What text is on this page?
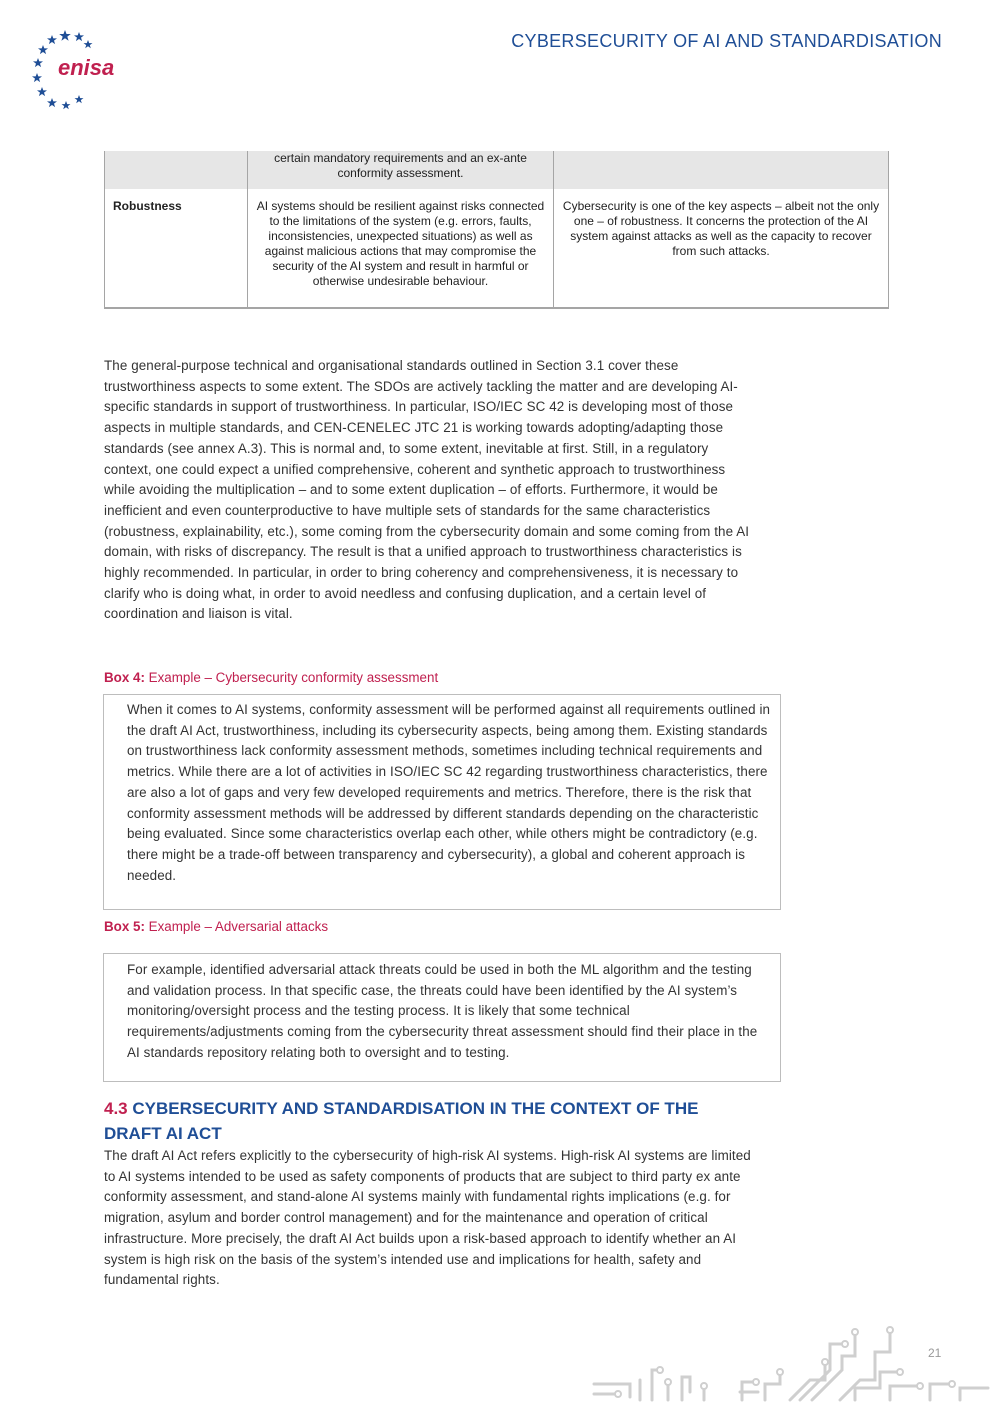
enisa
CYBERSECURITY OF AI AND STANDARDISATION
	certain mandatory requirements and an ex-ante conformity assessment.	
Robustness	AI systems should be resilient against risks connected to the limitations of the system (e.g. errors, faults, inconsistencies, unexpected situations) as well as against malicious actions that may compromise the security of the AI system and result in harmful or otherwise undesirable behaviour.	Cybersecurity is one of the key aspects – albeit not the only one – of robustness. It concerns the protection of the AI system against attacks as well as the capacity to recover from such attacks.

The general-purpose technical and organisational standards outlined in Section 3.1 cover these trustworthiness aspects to some extent. The SDOs are actively tackling the matter and are developing AI-specific standards in support of trustworthiness. In particular, ISO/IEC SC 42 is developing most of those aspects in multiple standards, and CEN-CENELEC JTC 21 is working towards adopting/adapting those standards (see annex A.3). This is normal and, to some extent, inevitable at first. Still, in a regulatory context, one could expect a unified comprehensive, coherent and synthetic approach to trustworthiness while avoiding the multiplication – and to some extent duplication – of efforts. Furthermore, it would be inefficient and even counterproductive to have multiple sets of standards for the same characteristics (robustness, explainability, etc.), some coming from the cybersecurity domain and some coming from the AI domain, with risks of discrepancy. The result is that a unified approach to trustworthiness characteristics is highly recommended. In particular, in order to bring coherency and comprehensiveness, it is necessary to clarify who is doing what, in order to avoid needless and confusing duplication, and a certain level of coordination and liaison is vital.

Box 4: Example – Cybersecurity conformity assessment

When it comes to AI systems, conformity assessment will be performed against all requirements outlined in the draft AI Act, trustworthiness, including its cybersecurity aspects, being among them. Existing standards on trustworthiness lack conformity assessment methods, sometimes including technical requirements and metrics. While there are a lot of activities in ISO/IEC SC 42 regarding trustworthiness characteristics, there are also a lot of gaps and very few developed requirements and metrics. Therefore, there is the risk that conformity assessment methods will be addressed by different standards depending on the characteristic being evaluated. Since some characteristics overlap each other, while others might be contradictory (e.g. there might be a trade-off between transparency and cybersecurity), a global and coherent approach is needed.

Box 5: Example – Adversarial attacks

For example, identified adversarial attack threats could be used in both the ML algorithm and the testing and validation process. In that specific case, the threats could have been identified by the AI system’s monitoring/oversight process and the testing process. It is likely that some technical requirements/adjustments coming from the cybersecurity threat assessment should find their place in the AI standards repository relating both to oversight and to testing.

4.3 CYBERSECURITY AND STANDARDISATION IN THE CONTEXT OF THE DRAFT AI ACT

The draft AI Act refers explicitly to the cybersecurity of high-risk AI systems. High-risk AI systems are limited to AI systems intended to be used as safety components of products that are subject to third party ex ante conformity assessment, and stand-alone AI systems mainly with fundamental rights implications (e.g. for migration, asylum and border control management) and for the maintenance and operation of critical infrastructure. More precisely, the draft AI Act builds upon a risk-based approach to identify whether an AI system is high risk on the basis of the system’s intended use and implications for health, safety and fundamental rights.

21
